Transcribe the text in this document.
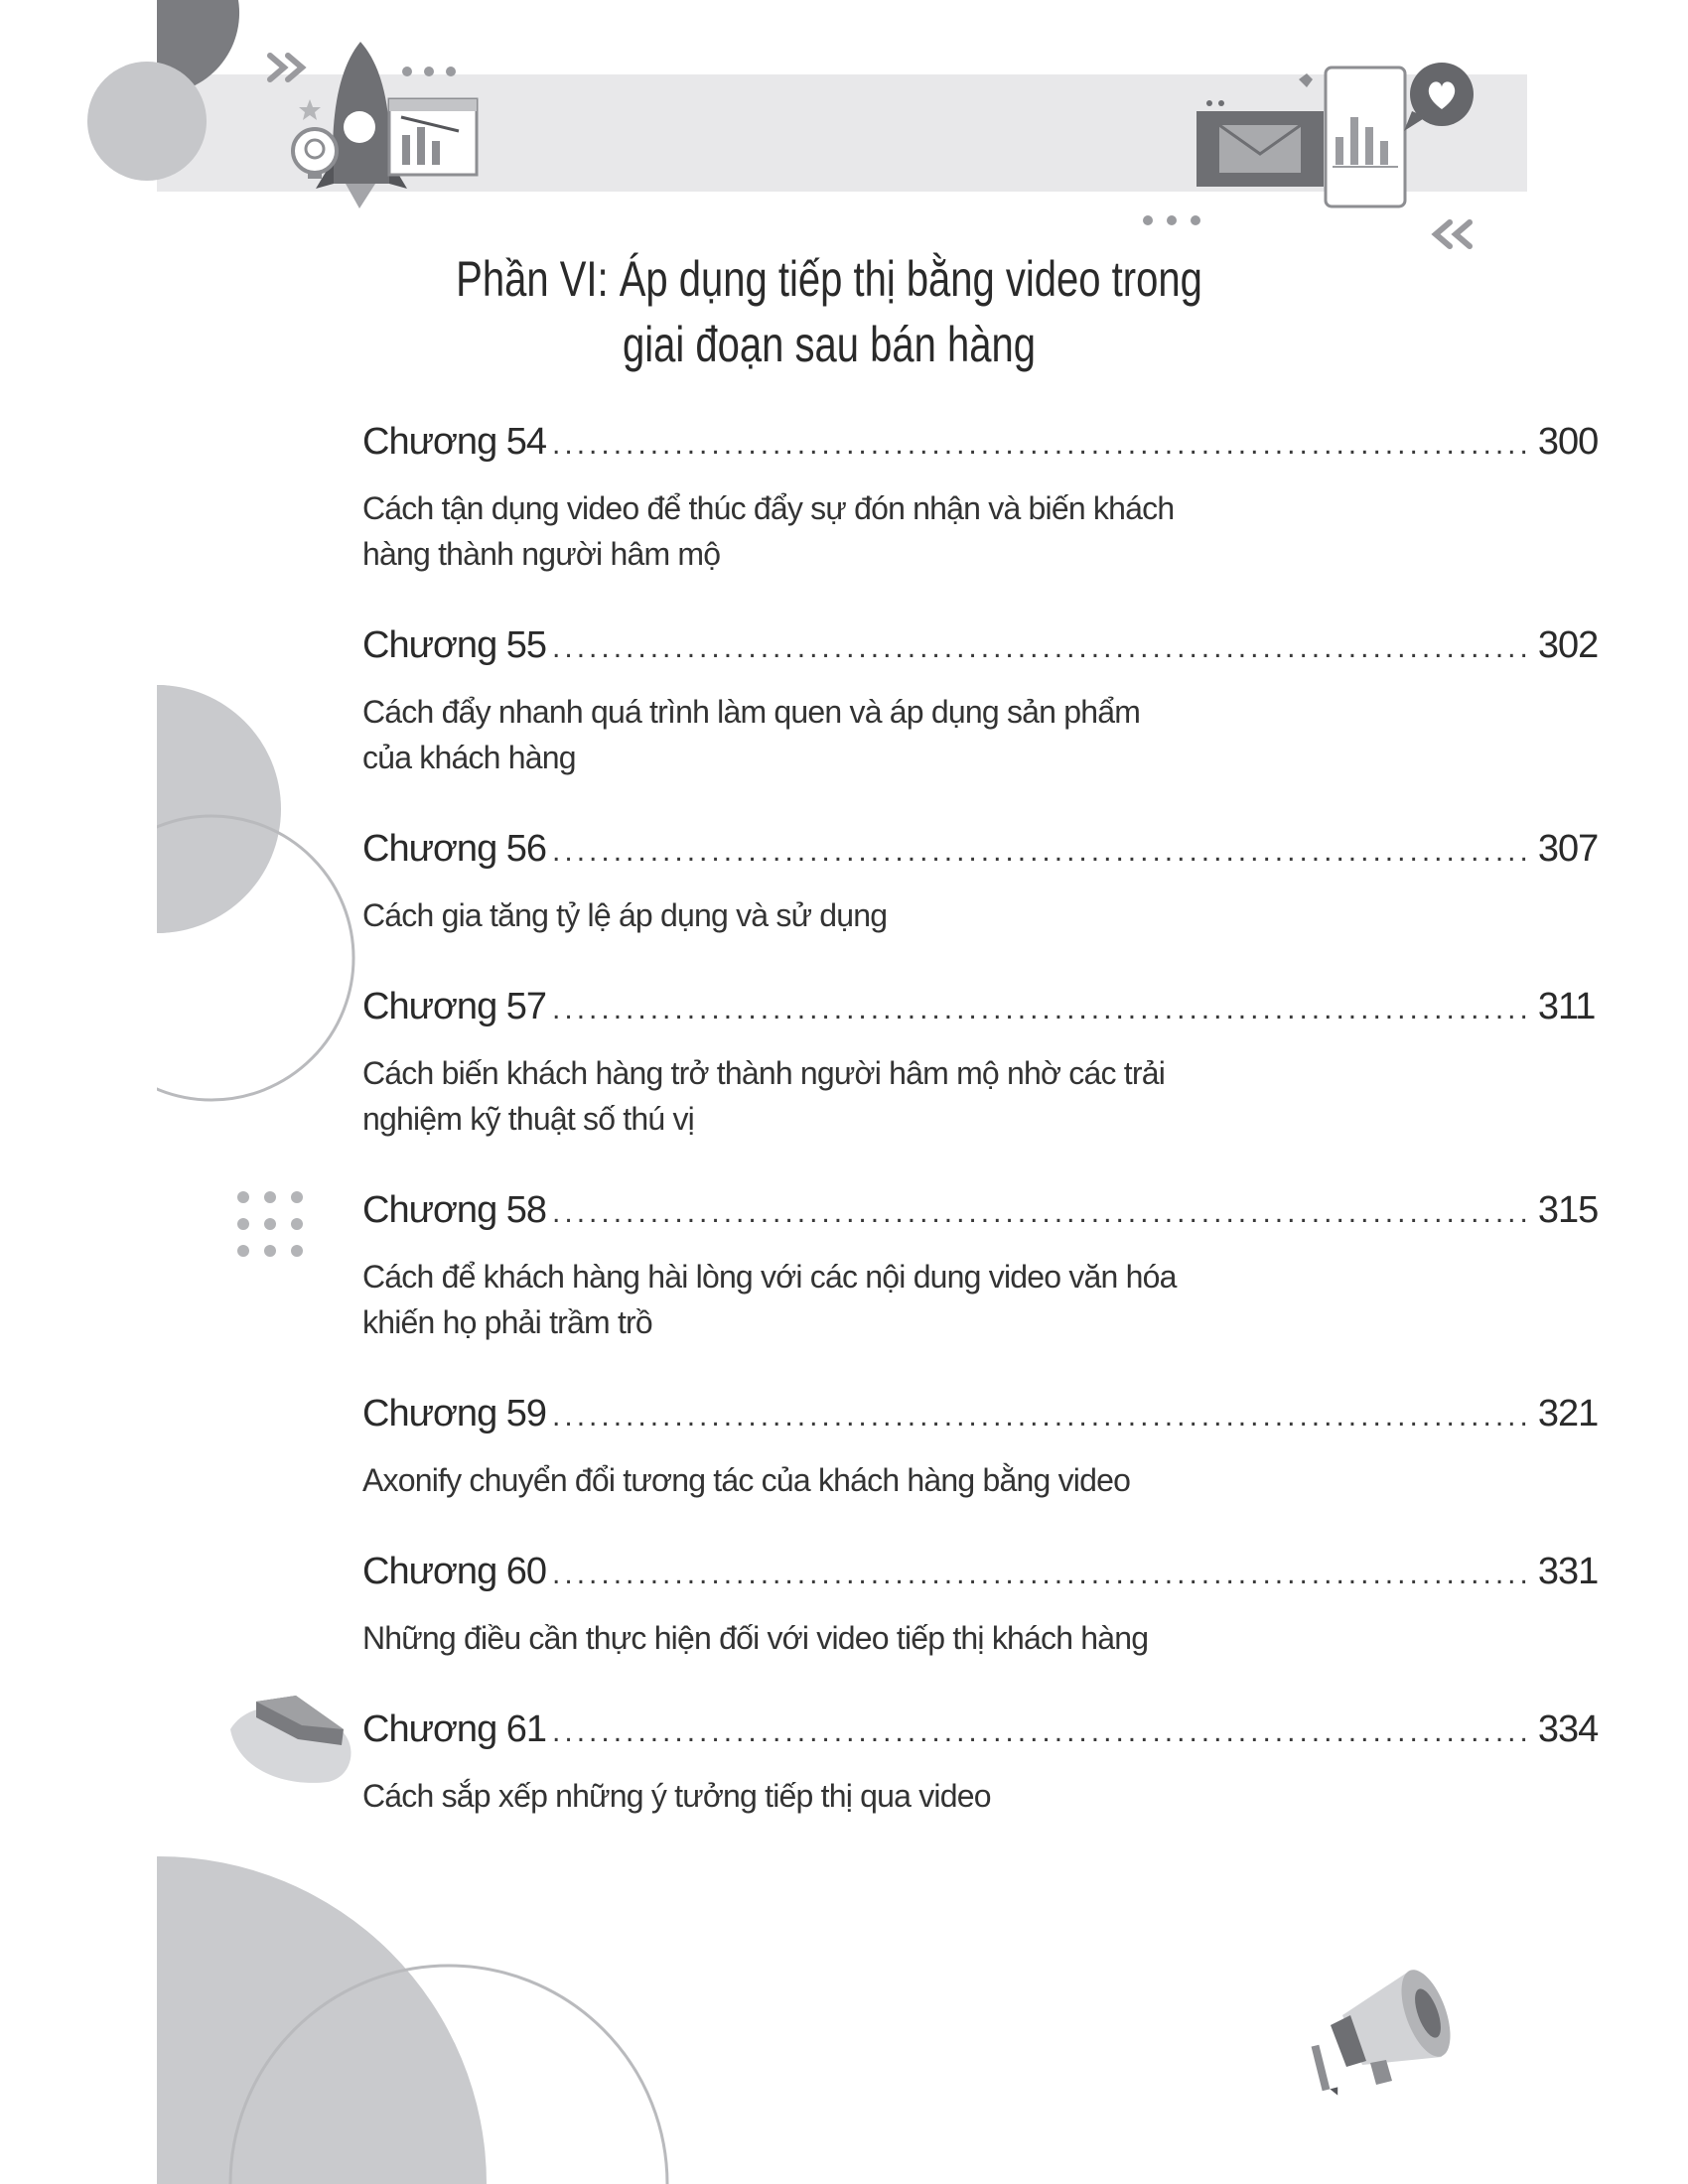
Phần VI: Áp dụng tiếp thị bằng video trong giai đoạn sau bán hàng
Chương 54 ................................................................................ 300
Cách tận dụng video để thúc đẩy sự đón nhận và biến khách hàng thành người hâm mộ
Chương 55 ................................................................................ 302
Cách đẩy nhanh quá trình làm quen và áp dụng sản phẩm của khách hàng
Chương 56 ................................................................................ 307
Cách gia tăng tỷ lệ áp dụng và sử dụng
Chương 57 ................................................................................ 311
Cách biến khách hàng trở thành người hâm mộ nhờ các trải nghiệm kỹ thuật số thú vị
Chương 58 ................................................................................ 315
Cách để khách hàng hài lòng với các nội dung video văn hóa khiến họ phải trầm trồ
Chương 59 ................................................................................ 321
Axonify chuyển đổi tương tác của khách hàng bằng video
Chương 60 ................................................................................ 331
Những điều cần thực hiện đối với video tiếp thị khách hàng
Chương 61 ................................................................................ 334
Cách sắp xếp những ý tưởng tiếp thị qua video
